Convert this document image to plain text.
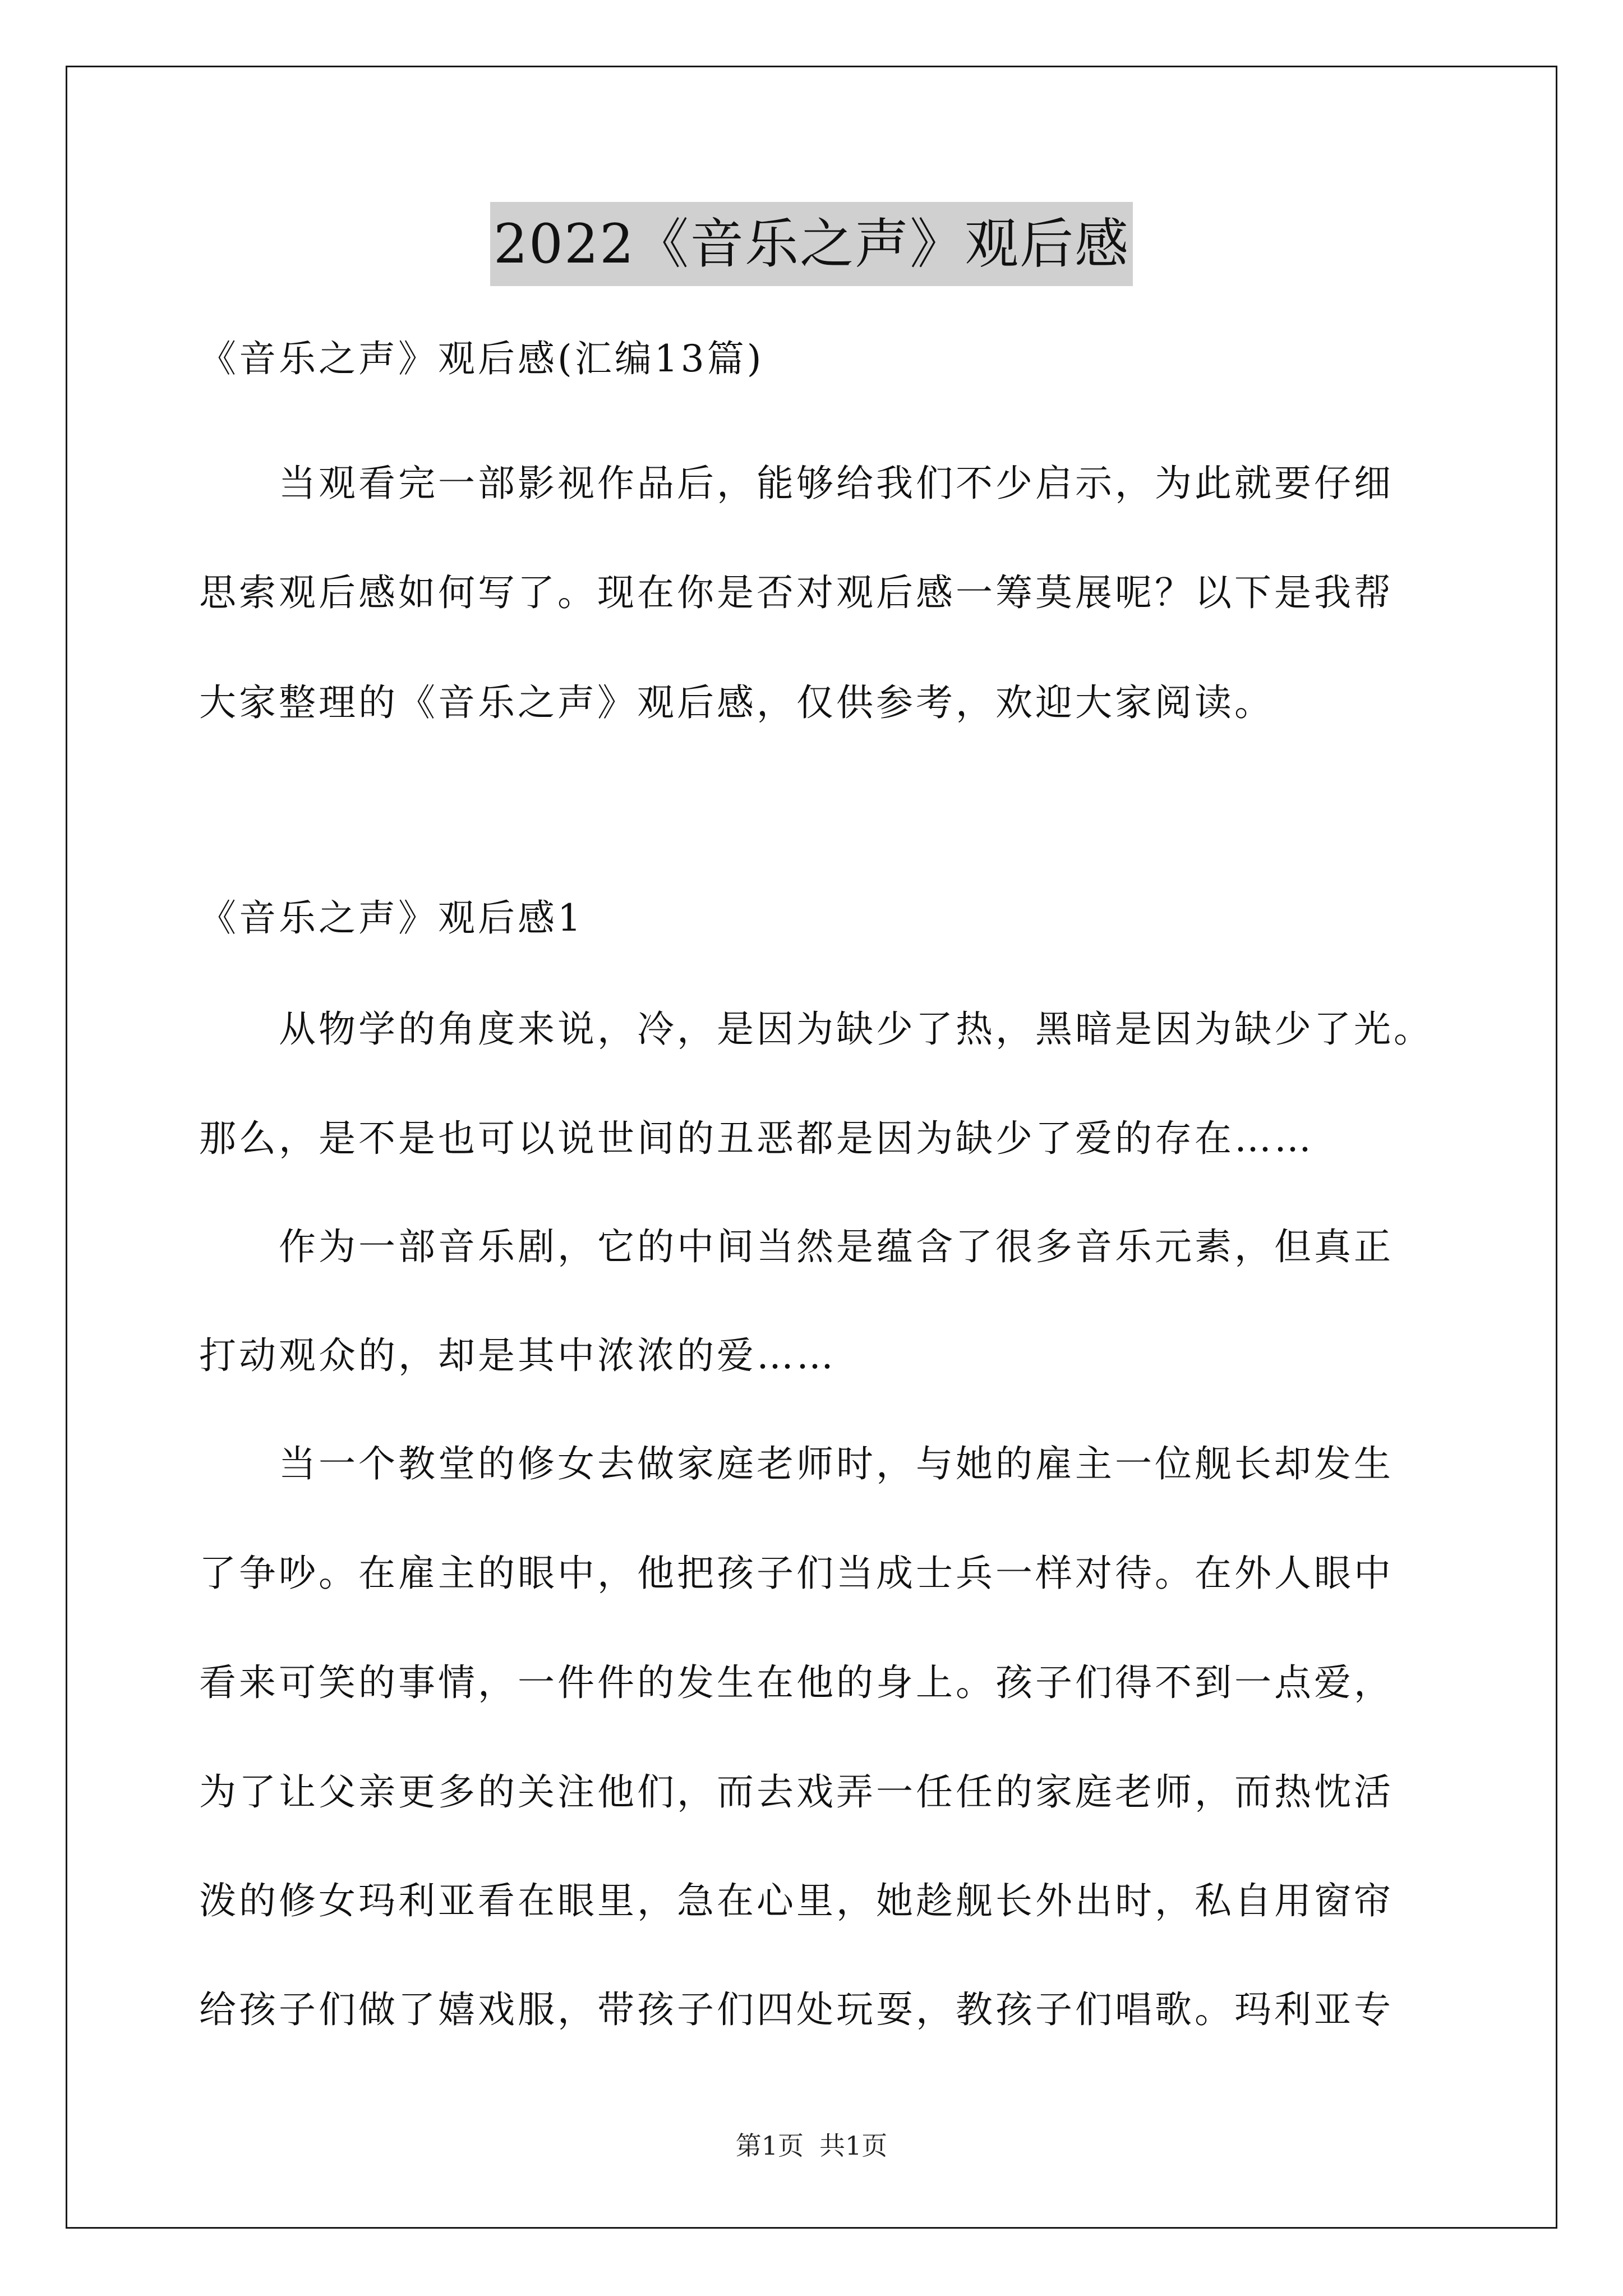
2022《音乐之声》观后感
《音乐之声》观后感(汇编13篇)
　　当观看完一部影视作品后，能够给我们不少启示，为此就要仔细
思索观后感如何写了。现在你是否对观后感一筹莫展呢？以下是我帮
大家整理的《音乐之声》观后感，仅供参考，欢迎大家阅读。
《音乐之声》观后感1
　　从物学的角度来说，冷，是因为缺少了热，黑暗是因为缺少了光。
那么，是不是也可以说世间的丑恶都是因为缺少了爱的存在……
　　作为一部音乐剧，它的中间当然是蕴含了很多音乐元素，但真正
打动观众的，却是其中浓浓的爱……
　　当一个教堂的修女去做家庭老师时，与她的雇主一位舰长却发生
了争吵。在雇主的眼中，他把孩子们当成士兵一样对待。在外人眼中
看来可笑的事情，一件件的发生在他的身上。孩子们得不到一点爱，
为了让父亲更多的关注他们，而去戏弄一任任的家庭老师，而热忱活
泼的修女玛利亚看在眼里，急在心里，她趁舰长外出时，私自用窗帘
给孩子们做了嬉戏服，带孩子们四处玩耍，教孩子们唱歌。玛利亚专
第1页 共1页
